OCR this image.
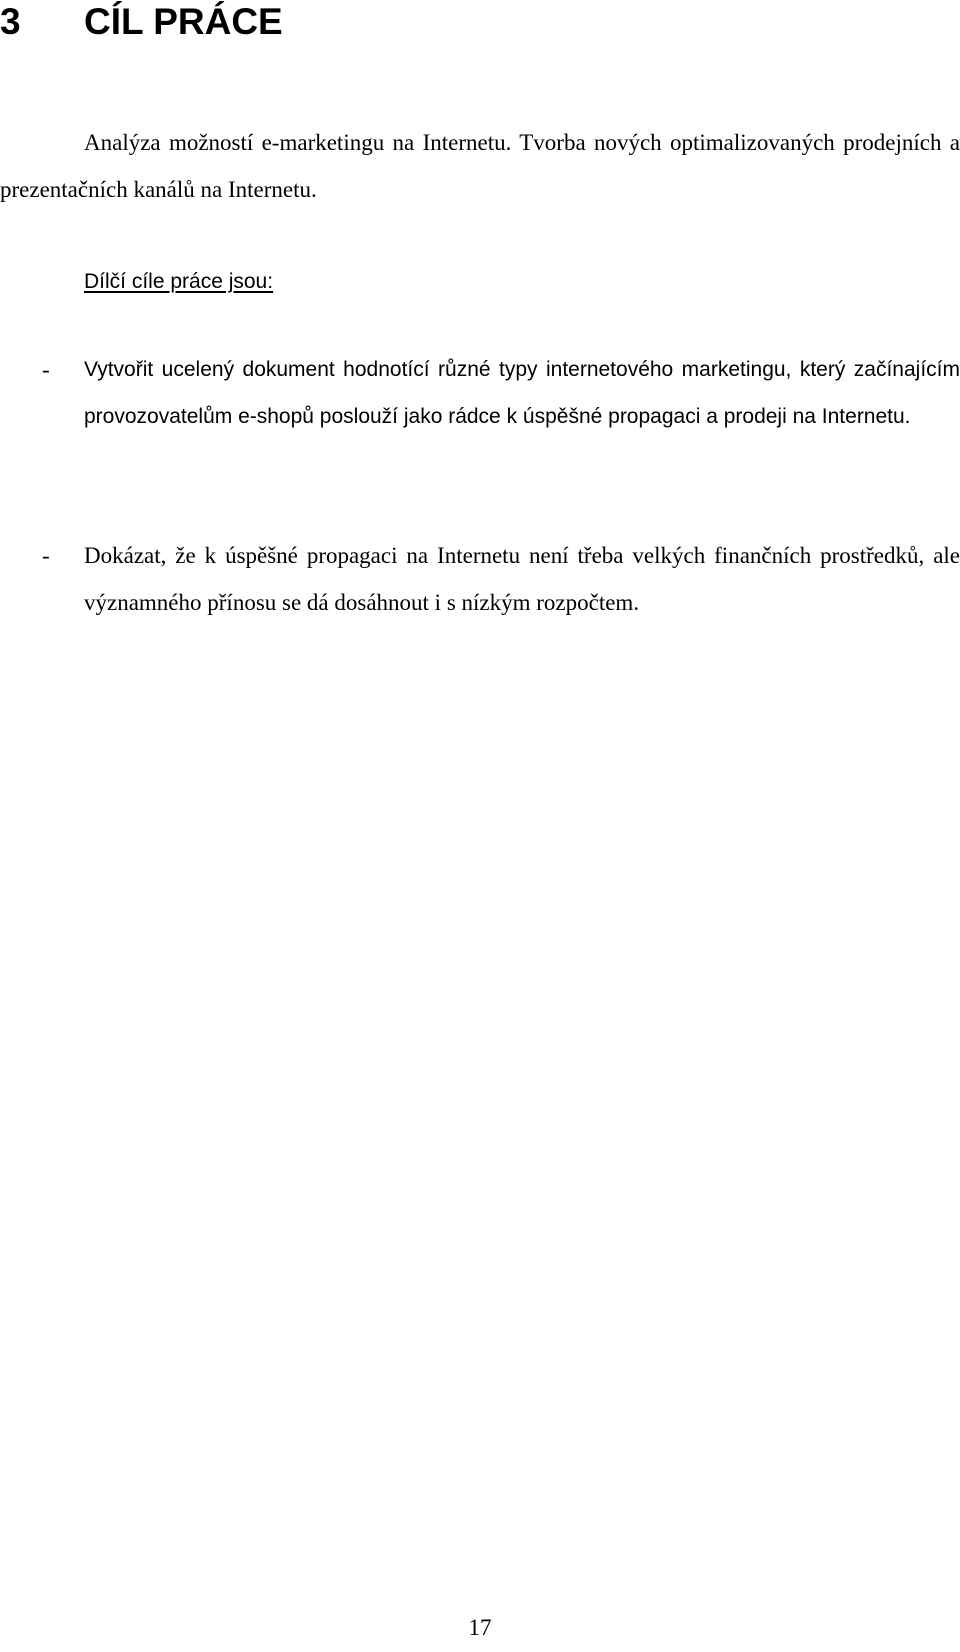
3 CÍL PRÁCE

Analýza možností e-marketingu na Internetu. Tvorba nových optimalizovaných prodejních a prezentačních kanálů na Internetu.

Dílčí cíle práce jsou:

- Vytvořit ucelený dokument hodnotící různé typy internetového marketingu, který začínajícím provozovatelům e-shopů poslouží jako rádce k úspěšné propagaci a prodeji na Internetu.

- Dokázat, že k úspěšné propagaci na Internetu není třeba velkých finančních prostředků, ale významného přínosu se dá dosáhnout i s nízkým rozpočtem.

17
